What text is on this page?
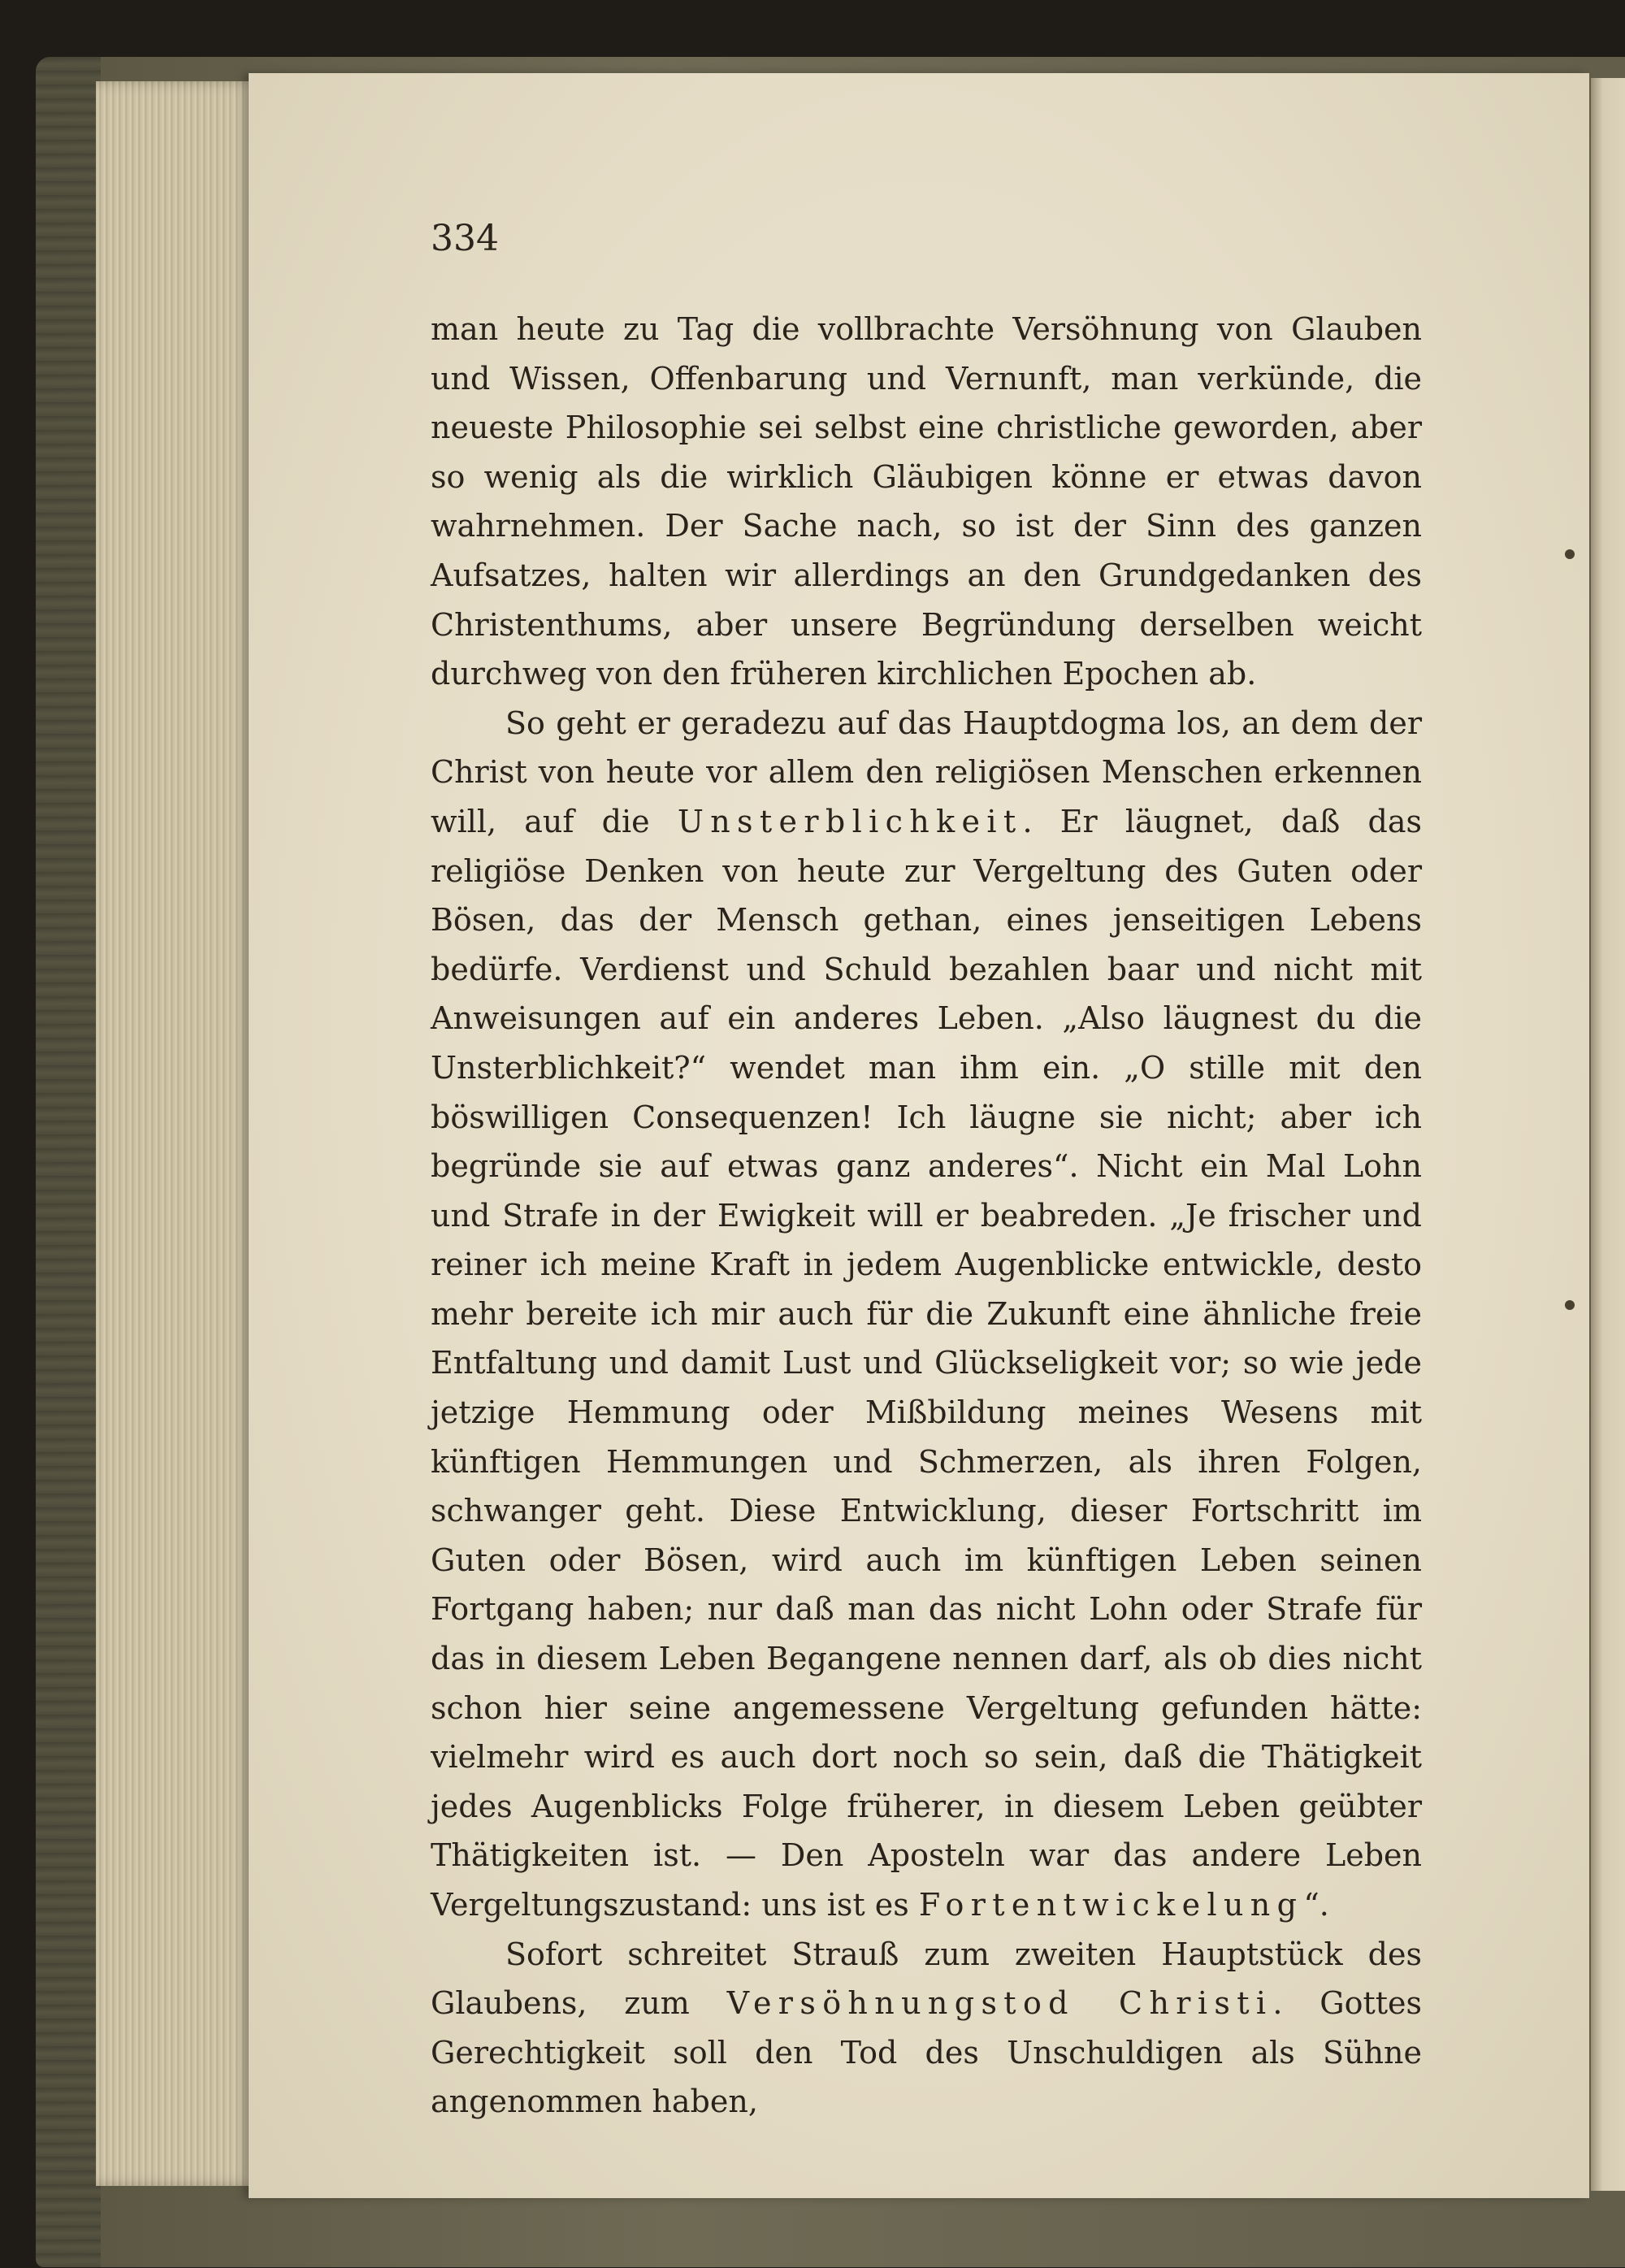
334

man heute zu Tag die vollbrachte Versöhnung von Glauben und Wissen, Offenbarung und Vernunft, man verkünde, die neueste Philosophie sei selbst eine christliche geworden, aber so wenig als die wirklich Gläubigen könne er etwas davon wahrnehmen. Der Sache nach, so ist der Sinn des ganzen Aufsatzes, halten wir allerdings an den Grundgedanken des Christenthums, aber unsere Begründung derselben weicht durchweg von den früheren kirchlichen Epochen ab.

So geht er geradezu auf das Hauptdogma los, an dem der Christ von heute vor allem den religiösen Menschen erkennen will, auf die Unsterblichkeit. Er läugnet, daß das religiöse Denken von heute zur Vergeltung des Guten oder Bösen, das der Mensch gethan, eines jenseitigen Lebens bedürfe. Verdienst und Schuld bezahlen baar und nicht mit Anweisungen auf ein anderes Leben. „Also läugnest du die Unsterblichkeit?“ wendet man ihm ein. „O stille mit den böswilligen Consequenzen! Ich läugne sie nicht; aber ich begründe sie auf etwas ganz anderes“. Nicht ein Mal Lohn und Strafe in der Ewigkeit will er beabreden. „Je frischer und reiner ich meine Kraft in jedem Augenblicke entwickle, desto mehr bereite ich mir auch für die Zukunft eine ähnliche freie Entfaltung und damit Lust und Glückseligkeit vor; so wie jede jetzige Hemmung oder Mißbildung meines Wesens mit künftigen Hemmungen und Schmerzen, als ihren Folgen, schwanger geht. Diese Entwicklung, dieser Fortschritt im Guten oder Bösen, wird auch im künftigen Leben seinen Fortgang haben; nur daß man das nicht Lohn oder Strafe für das in diesem Leben Begangene nennen darf, als ob dies nicht schon hier seine angemessene Vergeltung gefunden hätte: vielmehr wird es auch dort noch so sein, daß die Thätigkeit jedes Augenblicks Folge früherer, in diesem Leben geübter Thätigkeiten ist. — Den Aposteln war das andere Leben Vergeltungszustand: uns ist es Fortentwickelung“.

Sofort schreitet Strauß zum zweiten Hauptstück des Glaubens, zum Versöhnungstod Christi. Gottes Gerechtigkeit soll den Tod des Unschuldigen als Sühne angenommen haben,
